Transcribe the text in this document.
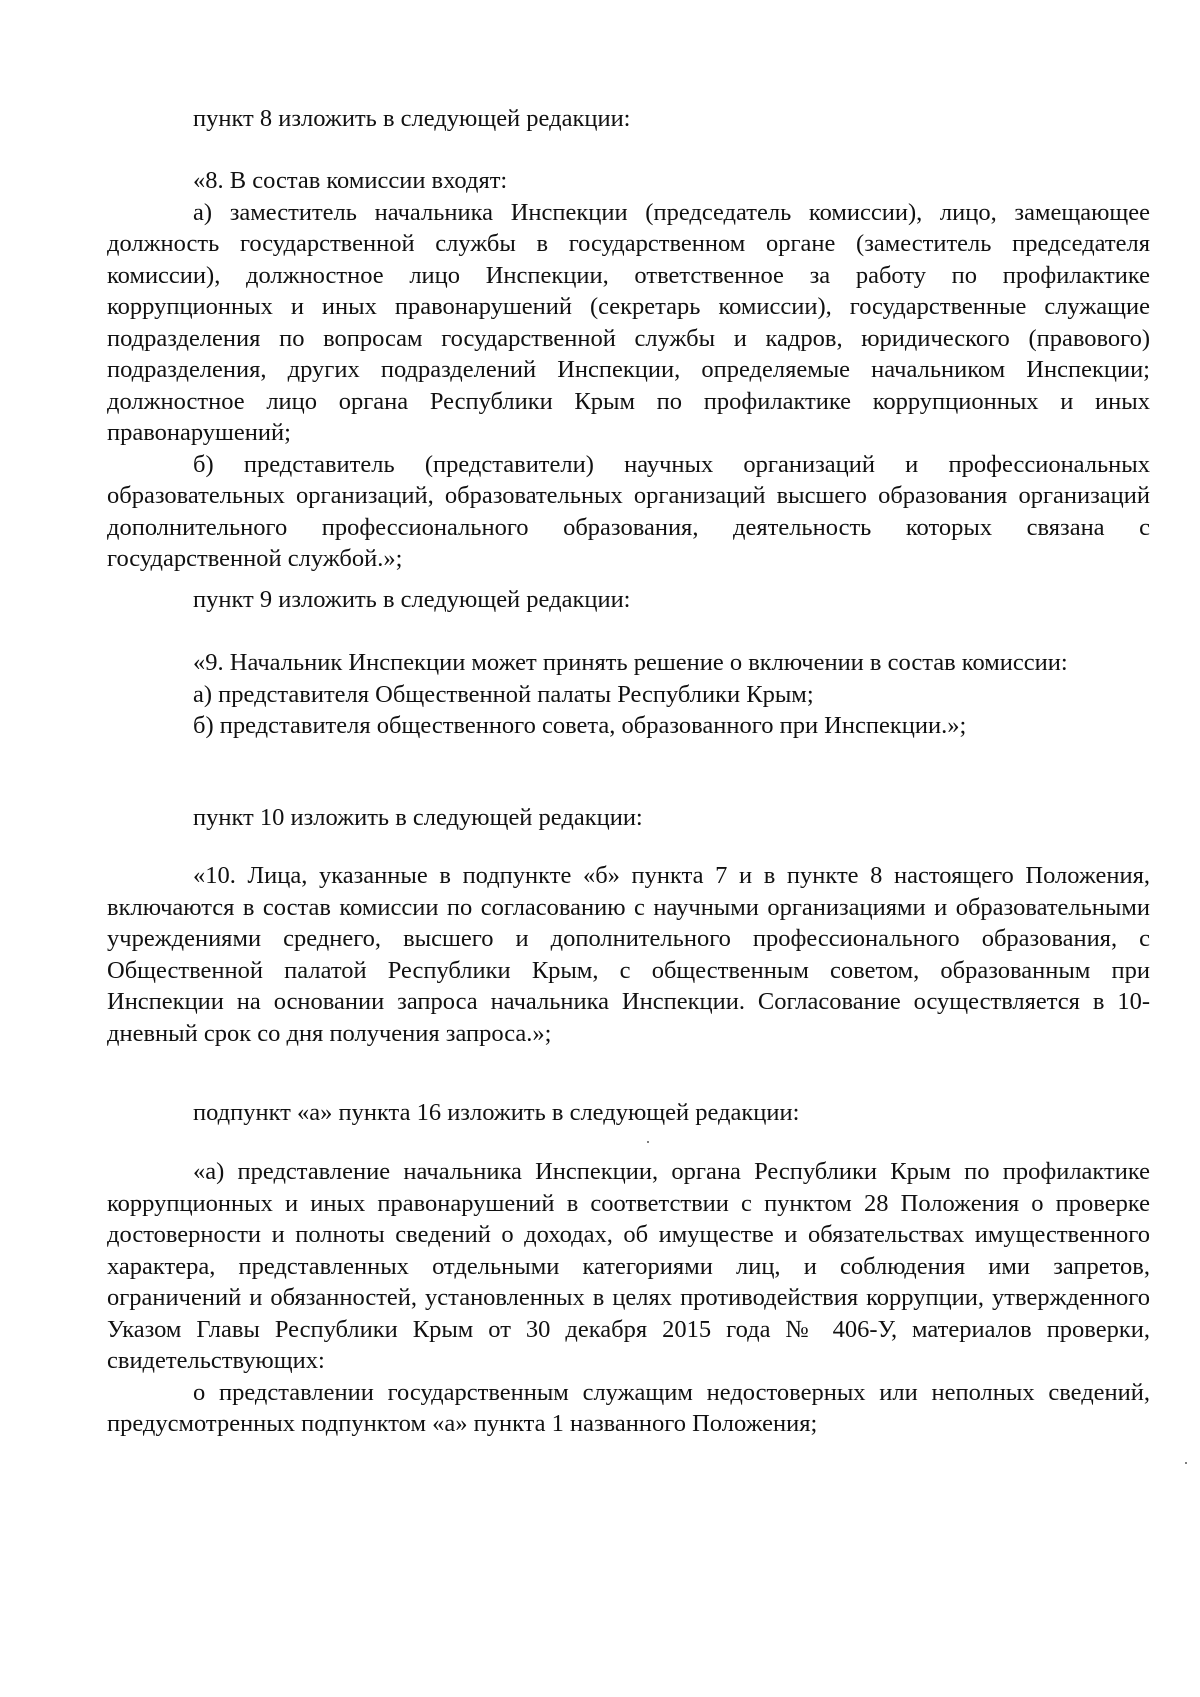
пункт 8 изложить в следующей редакции:

«8. В состав комиссии входят:

а) заместитель начальника Инспекции (председатель комиссии), лицо, замещающее должность государственной службы в государственном органе (заместитель председателя комиссии), должностное лицо Инспекции, ответственное за работу по профилактике коррупционных и иных правонарушений (секретарь комиссии), государственные служащие подразделения по вопросам государственной службы и кадров, юридического (правового) подразделения, других подразделений Инспекции, определяемые начальником Инспекции; должностное лицо органа Республики Крым по профилактике коррупционных и иных правонарушений;

б) представитель (представители) научных организаций и профессиональных образовательных организаций, образовательных организаций высшего образования организаций дополнительного профессионального образования, деятельность которых связана с государственной службой.»;

пункт 9 изложить в следующей редакции:

«9. Начальник Инспекции может принять решение о включении в состав комиссии:

а) представителя Общественной палаты Республики Крым;

б) представителя общественного совета, образованного при Инспекции.»;

пункт 10 изложить в следующей редакции:

«10. Лица, указанные в подпункте «б» пункта 7 и в пункте 8 настоящего Положения, включаются в состав комиссии по согласованию с научными организациями и образовательными учреждениями среднего, высшего и дополнительного профессионального образования, с Общественной палатой Республики Крым, с общественным советом, образованным при Инспекции на основании запроса начальника Инспекции. Согласование осуществляется в 10-дневный срок со дня получения запроса.»;

подпункт «а» пункта 16 изложить в следующей редакции:

«а) представление начальника Инспекции, органа Республики Крым по профилактике коррупционных и иных правонарушений в соответствии с пунктом 28 Положения о проверке достоверности и полноты сведений о доходах, об имуществе и обязательствах имущественного характера, представленных отдельными категориями лиц, и соблюдения ими запретов, ограничений и обязанностей, установленных в целях противодействия коррупции, утвержденного Указом Главы Республики Крым от 30 декабря 2015 года № 406-У, материалов проверки, свидетельствующих:

о представлении государственным служащим недостоверных или неполных сведений, предусмотренных подпунктом «а» пункта 1 названного Положения;
